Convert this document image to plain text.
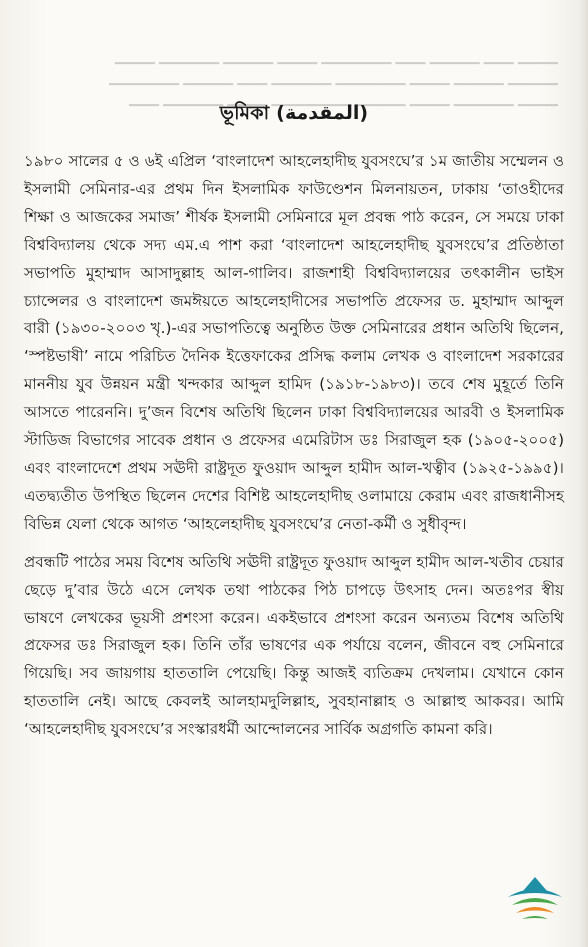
▁▁▁▁ ▁▁▁ ▁▁▁▁▁ ▁▁▁ ▁▁▁▁▁▁▁ ▁▁▁▁ ▁▁▁▁▁ ▁▁▁▁▁▁ ▁▁▁▁
▁▁▁▁▁ ▁▁▁▁▁ ▁▁▁▁ ▁▁▁▁▁▁▁ ▁▁▁▁▁▁ ▁▁▁ ▁▁▁▁▁ ▁▁▁▁▁▁▁
▁▁▁▁ ▁▁▁▁▁▁ ▁▁▁▁ ▁▁▁▁▁ ▁▁▁▁▁▁▁▁ ▁▁▁▁ ▁▁▁▁▁▁ ▁▁▁
ভূমিকা (المقدمة)

১৯৮০ সালের ৫ ও ৬ই এপ্রিল ‘বাংলাদেশ আহলেহাদীছ যুবসংঘে’র ১ম জাতীয় সম্মেলন ও ইসলামী সেমিনার-এর প্রথম দিন ইসলামিক ফাউণ্ডেশন মিলনায়তন, ঢাকায় ‘তাওহীদের শিক্ষা ও আজকের সমাজ’ শীর্ষক ইসলামী সেমিনারে মূল প্রবন্ধ পাঠ করেন, সে সময়ে ঢাকা বিশ্ববিদ্যালয় থেকে সদ্য এম.এ পাশ করা ‘বাংলাদেশ আহলেহাদীছ যুবসংঘে’র প্রতিষ্ঠাতা সভাপতি মুহাম্মাদ আসাদুল্লাহ আল-গালিব। রাজশাহী বিশ্ববিদ্যালয়ের তৎকালীন ভাইস চ্যান্সেলর ও বাংলাদেশ জমঈয়তে আহলেহাদীসের সভাপতি প্রফেসর ড. মুহাম্মাদ আব্দুল বারী (১৯৩০-২০০৩ খৃ.)-এর সভাপতিত্বে অনুষ্ঠিত উক্ত সেমিনারের প্রধান অতিথি ছিলেন, ‘স্পষ্টভাষী’ নামে পরিচিত দৈনিক ইত্তেফাকের প্রসিদ্ধ কলাম লেখক ও বাংলাদেশ সরকারের মাননীয় যুব উন্নয়ন মন্ত্রী খন্দকার আব্দুল হামিদ (১৯১৮-১৯৮৩)। তবে শেষ মুহূর্তে তিনি আসতে পারেননি। দু’জন বিশেষ অতিথি ছিলেন ঢাকা বিশ্ববিদ্যালয়ের আরবী ও ইসলামিক স্টাডিজ বিভাগের সাবেক প্রধান ও প্রফেসর এমেরিটাস ডঃ সিরাজুল হক (১৯০৫-২০০৫) এবং বাংলাদেশে প্রথম সঊদী রাষ্ট্রদূত ফুওয়াদ আব্দুল হামীদ আল-খত্বীব (১৯২৫-১৯৯৫)। এতদ্ব্যতীত উপস্থিত ছিলেন দেশের বিশিষ্ট আহলেহাদীছ ওলামায়ে কেরাম এবং রাজধানীসহ বিভিন্ন যেলা থেকে আগত ‘আহলেহাদীছ যুবসংঘে’র নেতা-কর্মী ও সুধীবৃন্দ।

প্রবন্ধটি পাঠের সময় বিশেষ অতিথি সঊদী রাষ্ট্রদূত ফুওয়াদ আব্দুল হামীদ আল-খতীব চেয়ার ছেড়ে দু’বার উঠে এসে লেখক তথা পাঠকের পিঠ চাপড়ে উৎসাহ দেন। অতঃপর স্বীয় ভাষণে লেখকের ভূয়সী প্রশংসা করেন। একইভাবে প্রশংসা করেন অন্যতম বিশেষ অতিথি প্রফেসর ডঃ সিরাজুল হক। তিনি তাঁর ভাষণের এক পর্যায়ে বলেন, জীবনে বহু সেমিনারে গিয়েছি। সব জায়গায় হাততালি পেয়েছি। কিন্তু আজই ব্যতিক্রম দেখলাম। যেখানে কোন হাততালি নেই। আছে কেবলই আলহামদুলিল্লাহ, সুবহানাল্লাহ ও আল্লাহু আকবর। আমি ‘আহলেহাদীছ যুবসংঘে’র সংস্কারধর্মী আন্দোলনের সার্বিক অগ্রগতি কামনা করি।
